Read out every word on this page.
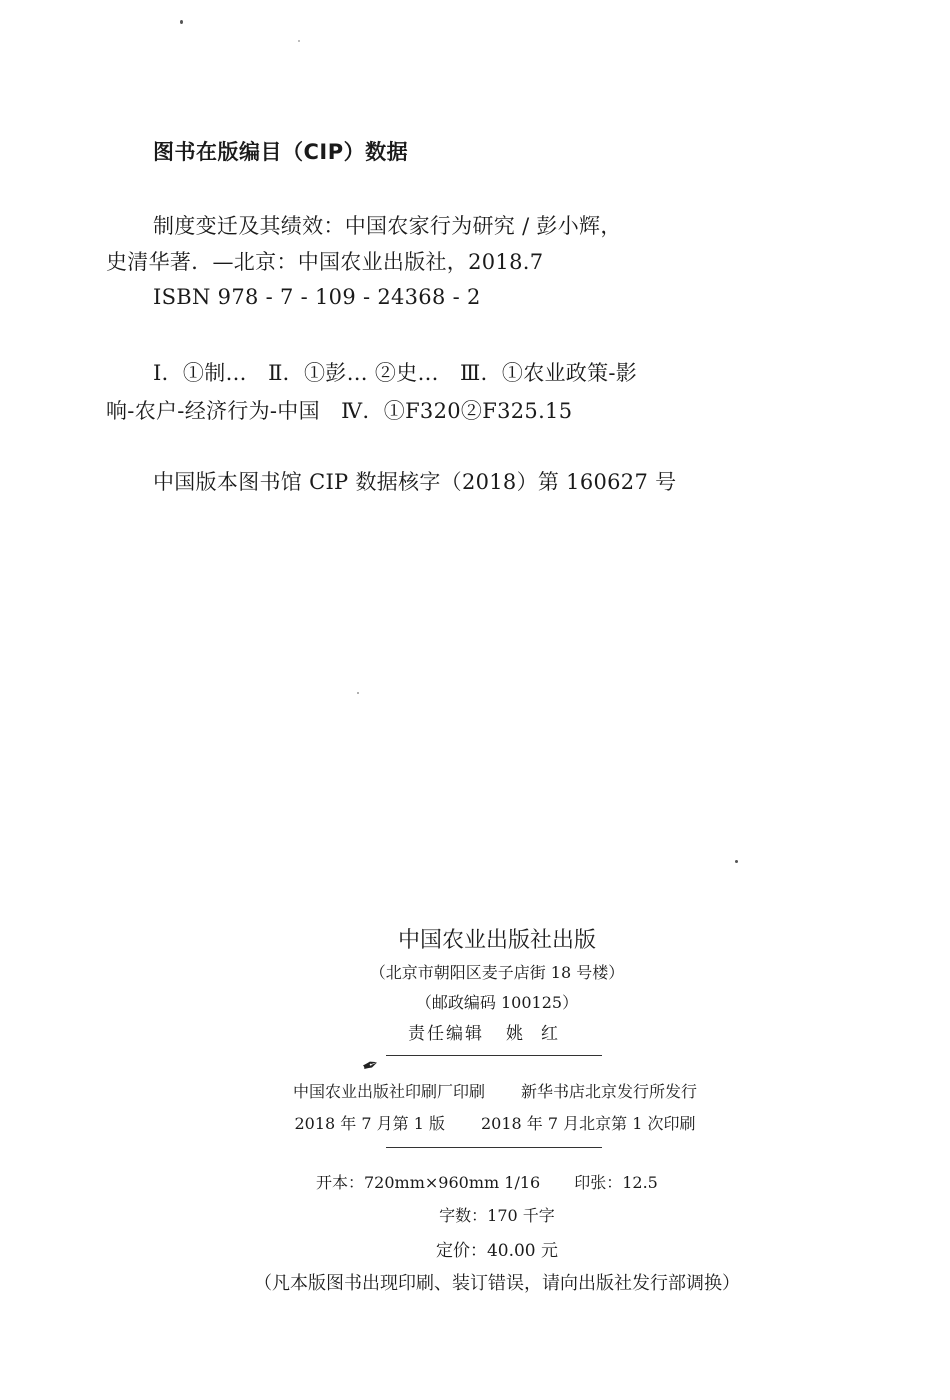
图书在版编目（CIP）数据
制度变迁及其绩效：中国农家行为研究 / 彭小辉，
史清华著．—北京：中国农业出版社，2018.7
ISBN 978 - 7 - 109 - 24368 - 2
Ⅰ．①制…　Ⅱ．①彭… ②史…　Ⅲ．①农业政策-影
响-农户-经济行为-中国　Ⅳ．①F320②F325.15
中国版本图书馆 CIP 数据核字（2018）第 160627 号
中国农业出版社出版
（北京市朝阳区麦子店街 18 号楼）
（邮政编码 100125）
责任编辑 姚红
✒
中国农业出版社印刷厂印刷 新华书店北京发行所发行
2018 年 7 月第 1 版 2018 年 7 月北京第 1 次印刷
开本：720mm×960mm 1/16 印张：12.5
字数：170 千字
定价：40.00 元
（凡本版图书出现印刷、装订错误，请向出版社发行部调换）
